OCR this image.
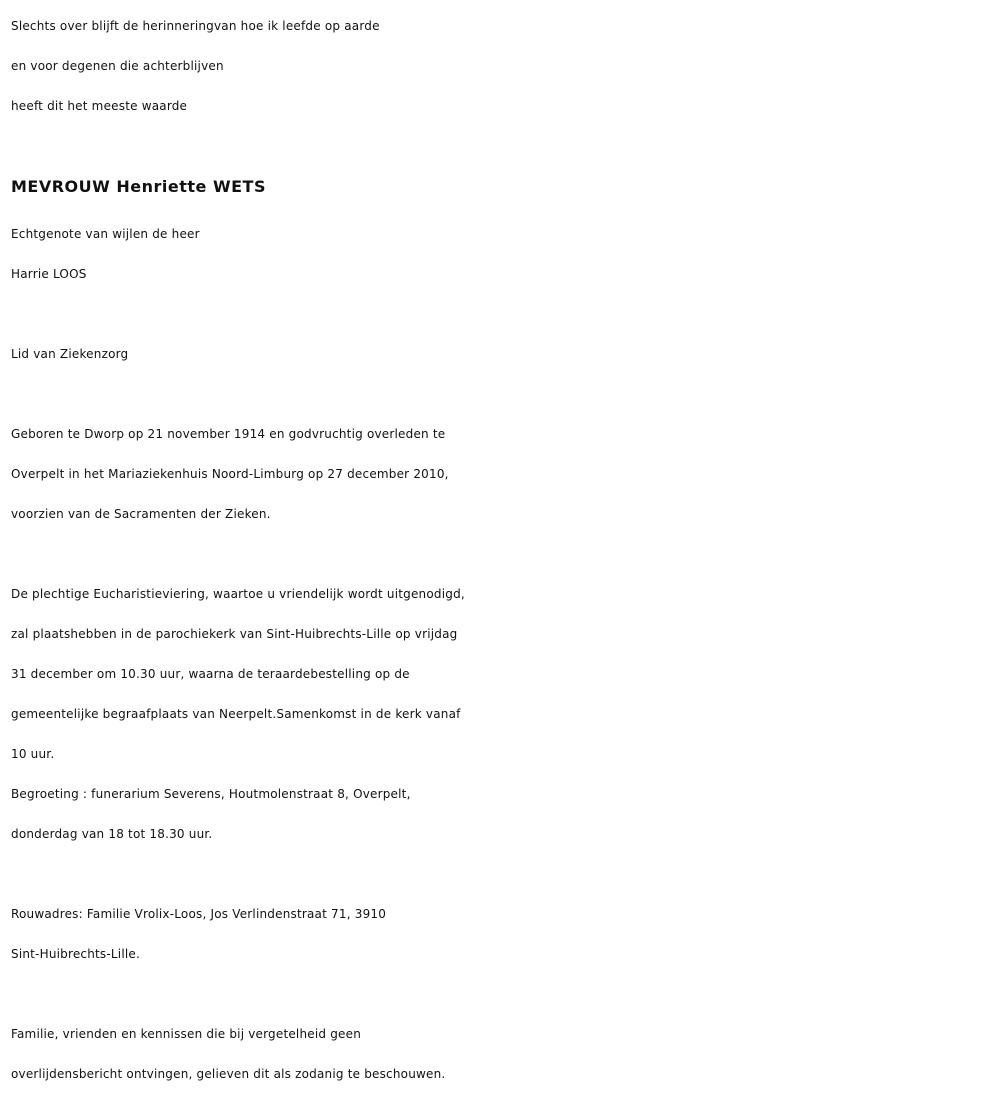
Slechts over blijft de herinneringvan hoe ik leefde op aarde
en voor degenen die achterblijven
heeft dit het meeste waarde
MEVROUW Henriette WETS
Echtgenote van wijlen de heer
Harrie LOOS
Lid van Ziekenzorg
Geboren te Dworp op 21 november 1914 en godvruchtig overleden te
Overpelt in het Mariaziekenhuis Noord-Limburg op 27 december 2010,
voorzien van de Sacramenten der Zieken.
De plechtige Eucharistieviering, waartoe u vriendelijk wordt uitgenodigd,
zal plaatshebben in de parochiekerk van Sint-Huibrechts-Lille op vrijdag
31 december om 10.30 uur, waarna de teraardebestelling op de
gemeentelijke begraafplaats van Neerpelt.Samenkomst in de kerk vanaf
10 uur.
Begroeting : funerarium Severens, Houtmolenstraat 8, Overpelt,
donderdag van 18 tot 18.30 uur.
Rouwadres: Familie Vrolix-Loos, Jos Verlindenstraat 71, 3910
Sint-Huibrechts-Lille.
Familie, vrienden en kennissen die bij vergetelheid geen
overlijdensbericht ontvingen, gelieven dit als zodanig te beschouwen.
